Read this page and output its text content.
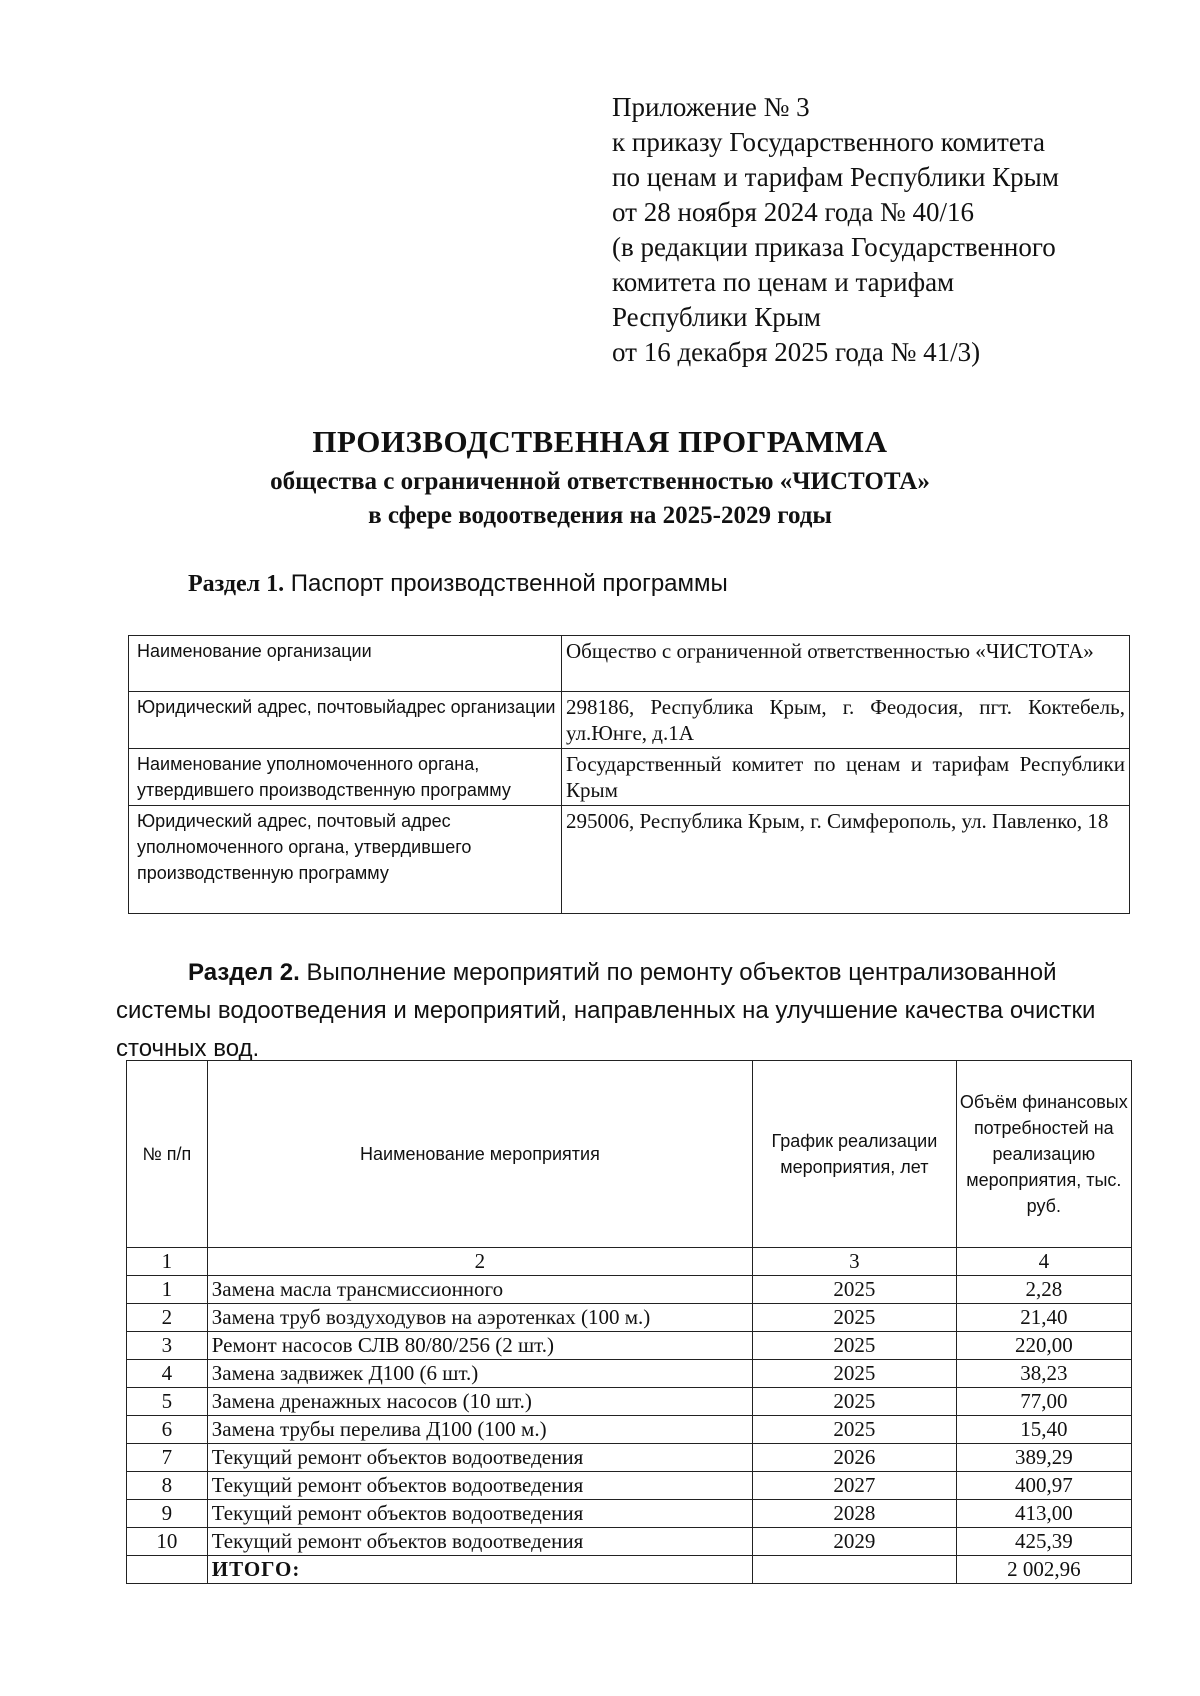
Приложение № 3
к приказу Государственного комитета
по ценам и тарифам Республики Крым
от 28 ноября 2024 года № 40/16
(в редакции приказа Государственного
комитета по ценам и тарифам
Республики Крым
от 16 декабря 2025 года № 41/3)
ПРОИЗВОДСТВЕННАЯ ПРОГРАММА
общества с ограниченной ответственностью «ЧИСТОТА»
в сфере водоотведения на 2025-2029 годы
Раздел 1. Паспорт производственной программы
Наименование организации	Общество с ограниченной ответственностью «ЧИСТОТА»
Юридический адрес, почтовыйадрес организации	298186, Республика Крым, г. Феодосия, пгт. Коктебель, ул.Юнге, д.1А
Наименование уполномоченного органа, утвердившего производственную программу	Государственный комитет по ценам и тарифам Республики Крым
Юридический адрес, почтовый адрес уполномоченного органа, утвердившего производственную программу	295006, Республика Крым, г. Симферополь, ул. Павленко, 18
Раздел 2. Выполнение мероприятий по ремонту объектов централизованной системы водоотведения и мероприятий, направленных на улучшение качества очистки сточных вод.
№ п/п	Наименование мероприятия	График реализации мероприятия, лет	Объём финансовых потребностей на реализацию мероприятия, тыс. руб.
1	2	3	4
1	Замена масла трансмиссионного	2025	2,28
2	Замена труб воздуходувов на аэротенках (100 м.)	2025	21,40
3	Ремонт насосов СЛВ 80/80/256 (2 шт.)	2025	220,00
4	Замена задвижек Д100 (6 шт.)	2025	38,23
5	Замена дренажных насосов (10 шт.)	2025	77,00
6	Замена трубы перелива Д100 (100 м.)	2025	15,40
7	Текущий ремонт объектов водоотведения	2026	389,29
8	Текущий ремонт объектов водоотведения	2027	400,97
9	Текущий ремонт объектов водоотведения	2028	413,00
10	Текущий ремонт объектов водоотведения	2029	425,39
	ИТОГО:		2 002,96
